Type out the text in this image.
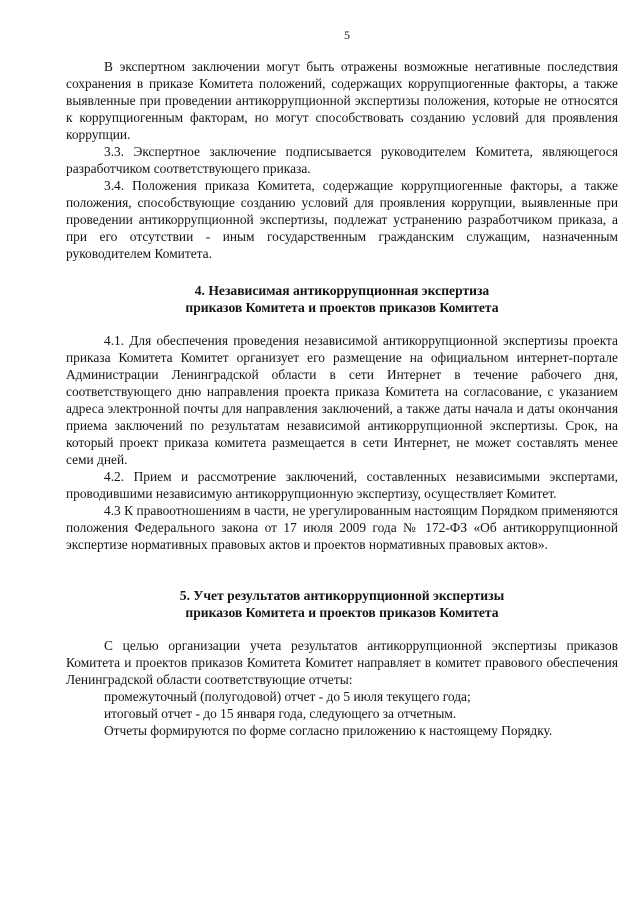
5

В экспертном заключении могут быть отражены возможные негативные последствия сохранения в приказе Комитета положений, содержащих коррупциогенные факторы, а также выявленные при проведении антикоррупционной экспертизы положения, которые не относятся к коррупциогенным факторам, но могут способствовать созданию условий для проявления коррупции.

3.3. Экспертное заключение подписывается руководителем Комитета, являющегося разработчиком соответствующего приказа.

3.4. Положения приказа Комитета, содержащие коррупциогенные факторы, а также положения, способствующие созданию условий для проявления коррупции, выявленные при проведении антикоррупционной экспертизы, подлежат устранению разработчиком приказа, а при его отсутствии - иным государственным гражданским служащим, назначенным руководителем Комитета.

4. Независимая антикоррупционная экспертиза
приказов Комитета и проектов приказов Комитета

4.1. Для обеспечения проведения независимой антикоррупционной экспертизы проекта приказа Комитета Комитет организует его размещение на официальном интернет-портале Администрации Ленинградской области в сети Интернет в течение рабочего дня, соответствующего дню направления проекта приказа Комитета на согласование, с указанием адреса электронной почты для направления заключений, а также даты начала и даты окончания приема заключений по результатам независимой антикоррупционной экспертизы. Срок, на который проект приказа комитета размещается в сети Интернет, не может составлять менее семи дней.

4.2. Прием и рассмотрение заключений, составленных независимыми экспертами, проводившими независимую антикоррупционную экспертизу, осуществляет Комитет.

4.3 К правоотношениям в части, не урегулированным настоящим Порядком применяются положения Федерального закона от 17 июля 2009 года № 172-ФЗ «Об антикоррупционной экспертизе нормативных правовых актов и проектов нормативных правовых актов».

5. Учет результатов антикоррупционной экспертизы
приказов Комитета и проектов приказов Комитета

С целью организации учета результатов антикоррупционной экспертизы приказов Комитета и проектов приказов Комитета Комитет направляет в комитет правового обеспечения Ленинградской области соответствующие отчеты:

промежуточный (полугодовой) отчет - до 5 июля текущего года;

итоговый отчет - до 15 января года, следующего за отчетным.

Отчеты формируются по форме согласно приложению к настоящему Порядку.
